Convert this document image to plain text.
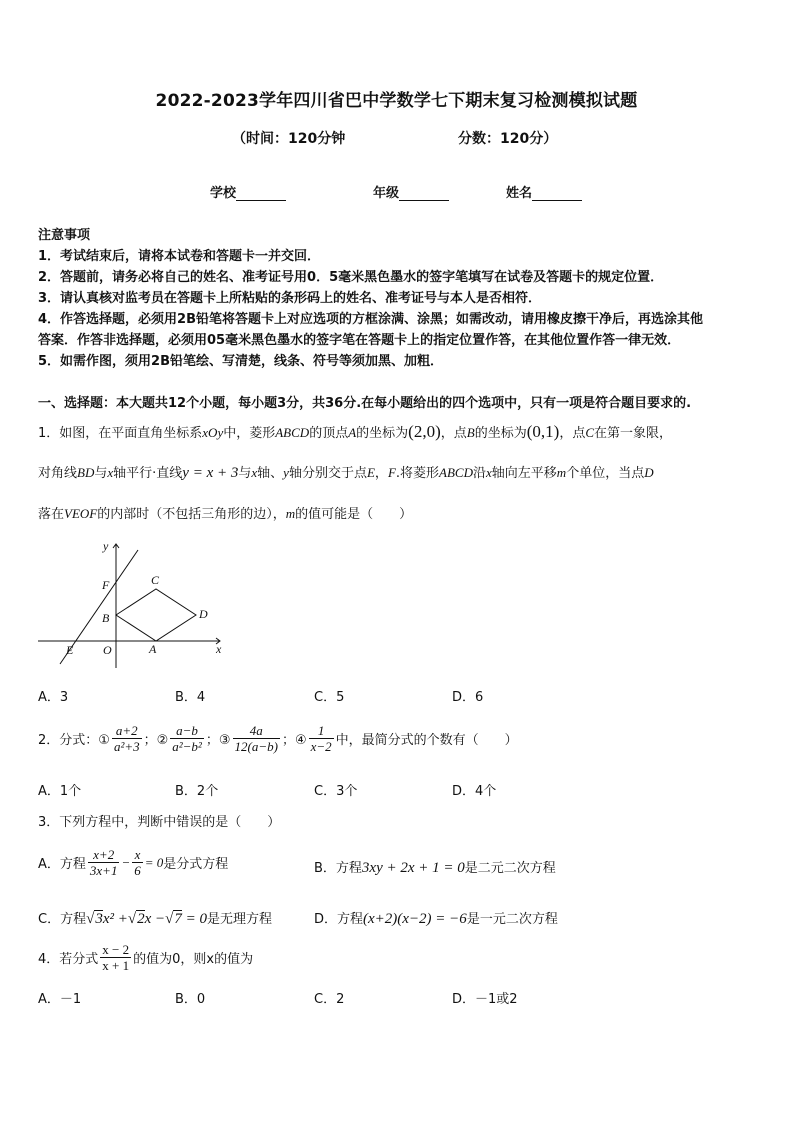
2022-2023学年四川省巴中学数学七下期末复习检测模拟试题
（时间：120分钟	分数：120分）
学校	年级	姓名
注意事项
1．考试结束后，请将本试卷和答题卡一并交回．
2．答题前，请务必将自己的姓名、准考证号用0．5毫米黑色墨水的签字笔填写在试卷及答题卡的规定位置．
3．请认真核对监考员在答题卡上所粘贴的条形码上的姓名、准考证号与本人是否相符．
4．作答选择题，必须用2B铅笔将答题卡上对应选项的方框涂满、涂黑；如需改动，请用橡皮擦干净后，再选涂其他
答案．作答非选择题，必须用05毫米黑色墨水的签字笔在答题卡上的指定位置作答，在其他位置作答一律无效．
5．如需作图，须用2B铅笔绘、写清楚，线条、符号等须加黑、加粗．
一、选择题：本大题共12个小题，每小题3分，共36分.在每小题给出的四个选项中，只有一项是符合题目要求的.
1．如图，在平面直角坐标系xOy中，菱形ABCD的顶点A的坐标为(2,0)，点B的坐标为(0,1)，点C在第一象限，
对角线BD与x轴平行·直线y = x + 3与x轴、y轴分别交于点E，F.将菱形ABCD沿x轴向左平移m个单位，当点D
落在VEOF的内部时（不包括三角形的边），m的值可能是（　　）
y
x
F	C
B	D
E O	A
A．3	B．4	C．5	D．6
2．分式：① $\frac{a+2}{\text{a²+3}}$ ；② $\frac{a-b}{\text{a²−b²}}$ ；③ $\frac{4a}{12(a-b)}$ ；④ $\frac{1}{x-2}$ 中，最简分式的个数有（　　）
A．1个	B．2个	C．3个	D．4个
3．下列方程中，判断中错误的是（　　）
A．方程 $\frac{x+2}{3x+1} - \frac{x}{6} = 0$ 是分式方程	B．方程3xy + 2x + 1 = 0是二元二次方程
C．方程√3x² +√2x −√7 = 0是无理方程	D．方程(x+2)(x−2) = −6是一元二次方程
4．若分式 $\frac{x - 2}{x + 1}$ 的值为0，则x的值为
A．－1	B．0	C．2	D．－1或2
